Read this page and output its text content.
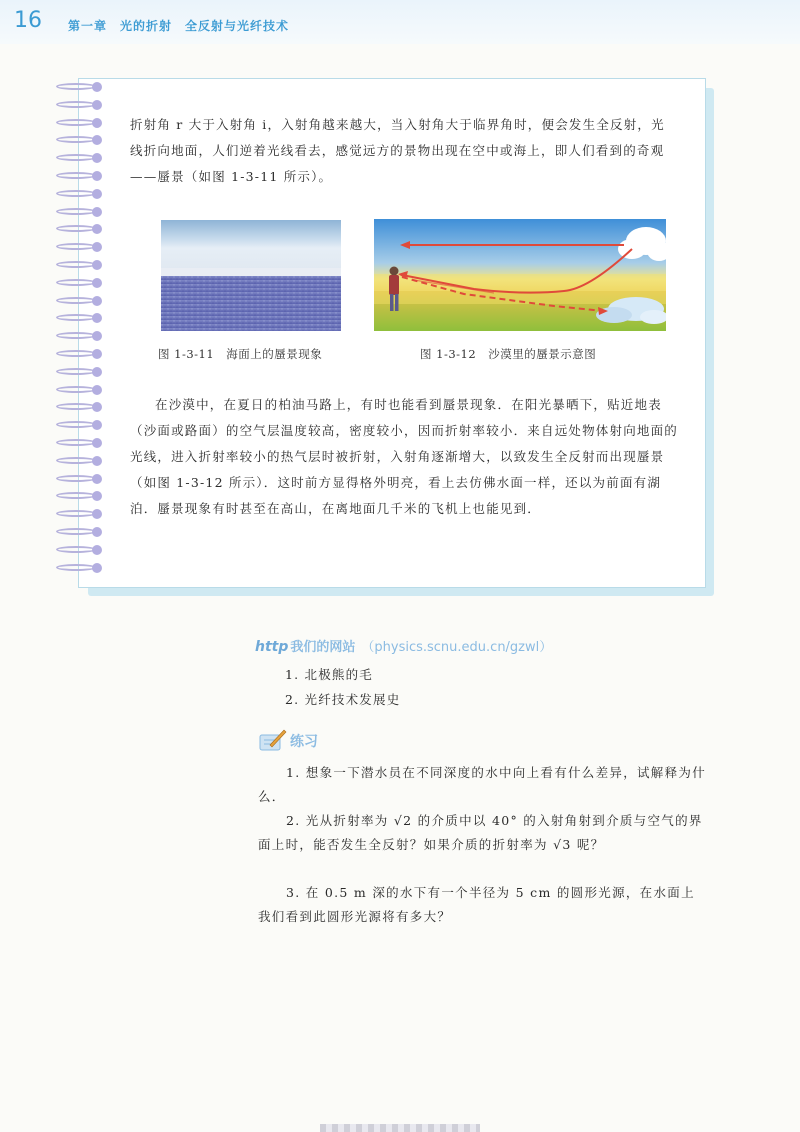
16 第一章　光的折射　全反射与光纤技术

折射角 r 大于入射角 i，入射角越来越大，当入射角大于临界角时，便会发生全反射，光线折向地面，人们逆着光线看去，感觉远方的景物出现在空中或海上，即人们看到的奇观——蜃景（如图 1-3-11 所示）。

图 1-3-11　海面上的蜃景现象	图 1-3-12　沙漠里的蜃景示意图

在沙漠中，在夏日的柏油马路上，有时也能看到蜃景现象．在阳光暴晒下，贴近地表（沙面或路面）的空气层温度较高，密度较小，因而折射率较小．来自远处物体射向地面的光线，进入折射率较小的热气层时被折射，入射角逐渐增大，以致发生全反射而出现蜃景（如图 1-3-12 所示）．这时前方显得格外明亮，看上去仿佛水面一样，还以为前面有湖泊．蜃景现象有时甚至在高山，在离地面几千米的飞机上也能见到．

http 我们的网站 （physics.scnu.edu.cn/gzwl）
1. 北极熊的毛
2. 光纤技术发展史
练习

1. 想象一下潜水员在不同深度的水中向上看有什么差异，试解释为什么．

2. 光从折射率为 √2 的介质中以 40° 的入射角射到介质与空气的界面上时，能否发生全反射？如果介质的折射率为 √3 呢？

3. 在 0.5 m 深的水下有一个半径为 5 cm 的圆形光源，在水面上我们看到此圆形光源将有多大？
